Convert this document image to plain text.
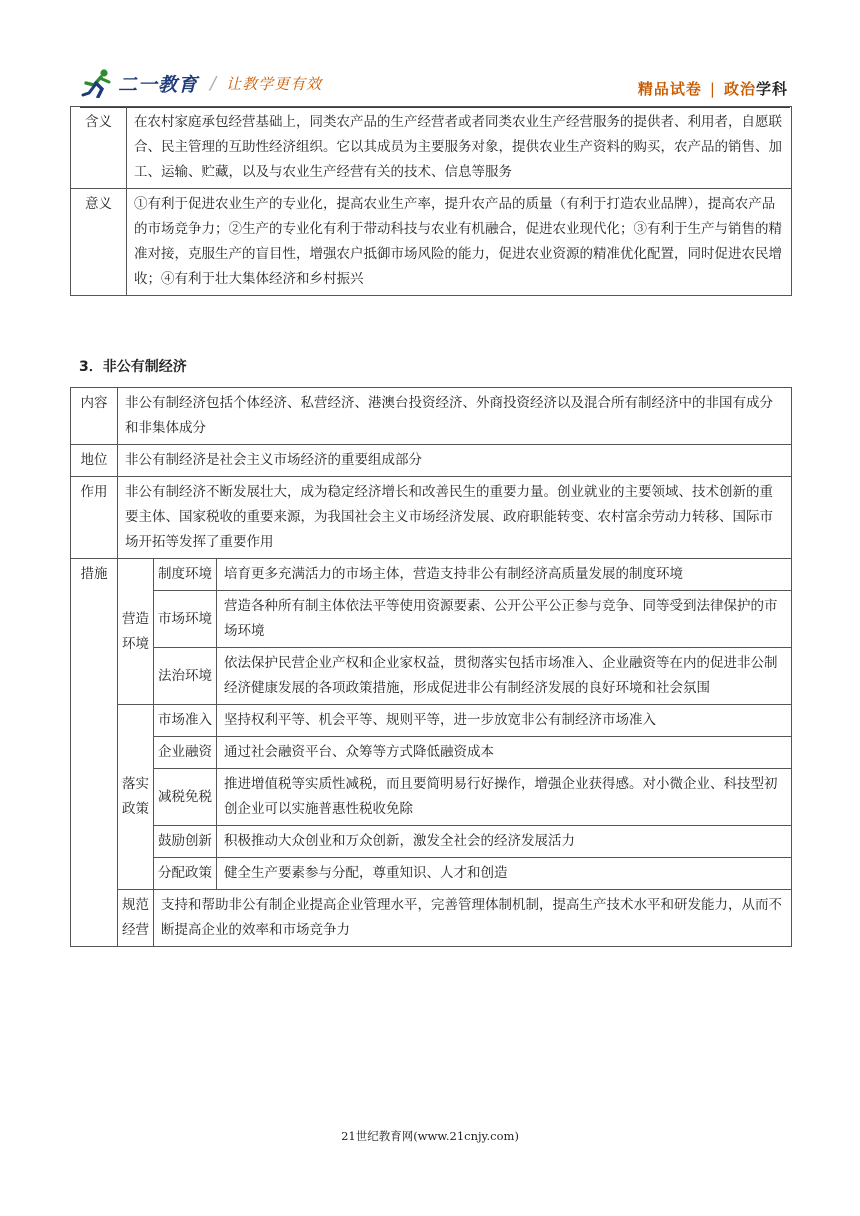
二一教育 / 让教学更有效	精品试卷 | 政治学科
含义	在农村家庭承包经营基础上，同类农产品的生产经营者或者同类农业生产经营服务的提供者、利用者，自愿联合、民主管理的互助性经济组织。它以其成员为主要服务对象，提供农业生产资料的购买，农产品的销售、加工、运输、贮藏，以及与农业生产经营有关的技术、信息等服务
意义	①有利于促进农业生产的专业化，提高农业生产率，提升农产品的质量（有利于打造农业品牌），提高农产品的市场竞争力；②生产的专业化有利于带动科技与农业有机融合，促进农业现代化；③有利于生产与销售的精准对接，克服生产的盲目性，增强农户抵御市场风险的能力，促进农业资源的精准优化配置，同时促进农民增收；④有利于壮大集体经济和乡村振兴
3．非公有制经济
内容	非公有制经济包括个体经济、私营经济、港澳台投资经济、外商投资经济以及混合所有制经济中的非国有成分和非集体成分		
地位	非公有制经济是社会主义市场经济的重要组成部分		
作用	非公有制经济不断发展壮大，成为稳定经济增长和改善民生的重要力量。创业就业的主要领域、技术创新的重要主体、国家税收的重要来源，为我国社会主义市场经济发展、政府职能转变、农村富余劳动力转移、国际市场开拓等发挥了重要作用		
措施	营造环境	制度环境	培育更多充满活力的市场主体，营造支持非公有制经济高质量发展的制度环境
		市场环境	营造各种所有制主体依法平等使用资源要素、公开公平公正参与竞争、同等受到法律保护的市场环境
		法治环境	依法保护民营企业产权和企业家权益，贯彻落实包括市场准入、企业融资等在内的促进非公制经济健康发展的各项政策措施，形成促进非公有制经济发展的良好环境和社会氛围
	落实政策	市场准入	坚持权利平等、机会平等、规则平等，进一步放宽非公有制经济市场准入
		企业融资	通过社会融资平台、众筹等方式降低融资成本
		减税免税	推进增值税等实质性减税，而且要简明易行好操作，增强企业获得感。对小微企业、科技型初创企业可以实施普惠性税收免除
		鼓励创新	积极推动大众创业和万众创新，激发全社会的经济发展活力
		分配政策	健全生产要素参与分配，尊重知识、人才和创造
	规范经营	支持和帮助非公有制企业提高企业管理水平，完善管理体制机制，提高生产技术水平和研发能力，从而不断提高企业的效率和市场竞争力	
21世纪教育网(www.21cnjy.com)
